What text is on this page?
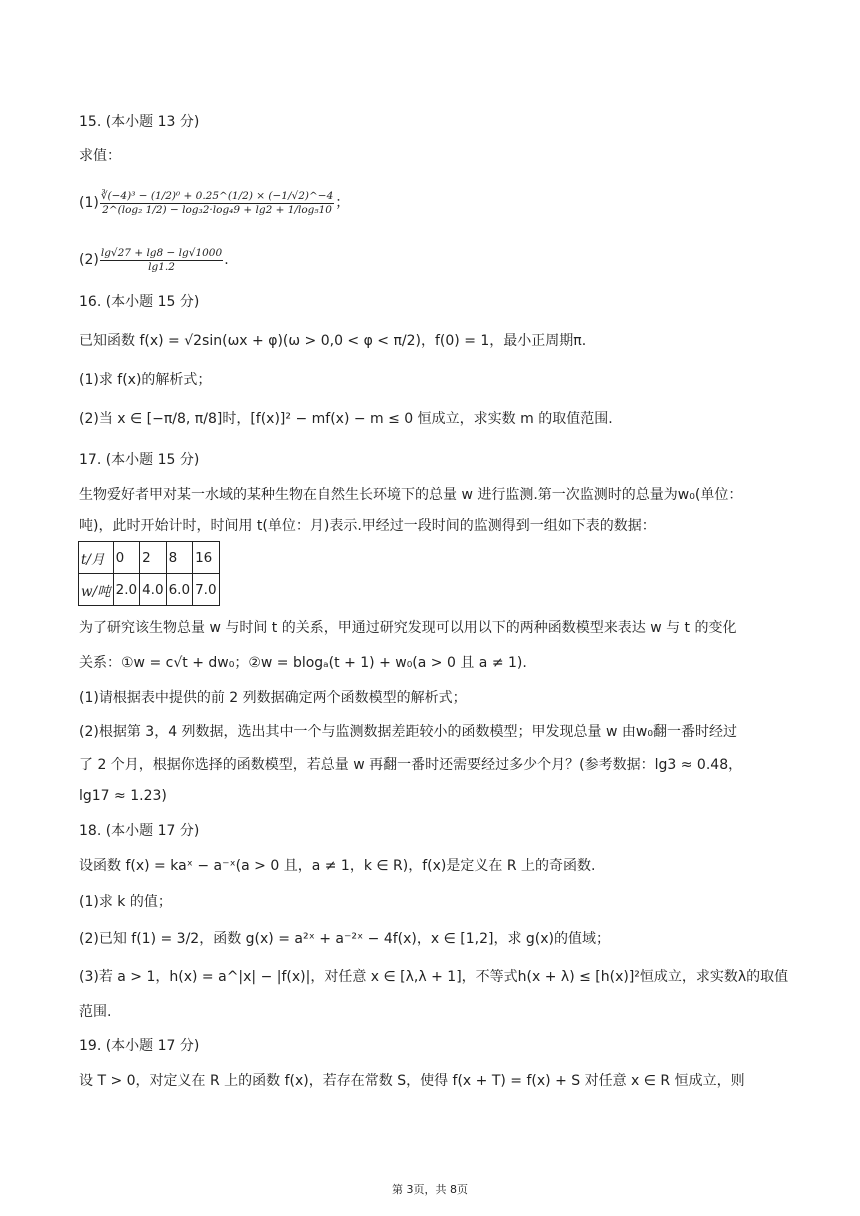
15. (本小题 13 分)
求值：
$(1) \frac{\text{∛(−4)³ − (1/2)⁰ + 0.25\textasciicircum{}(1/2) × (−1/√2)\textasciicircum{}−4}}{\text{2\textasciicircum{}(log₂ 1/2) − log₃2·log₄9 + lg2 + 1/log₅10}}$ ；
$(2) \frac{\lg√27 + \lg 8 - \lg√1000}{\lg 1.2}$ .
16. (本小题 15 分)
已知函数 f(x) = √2sin(ωx + φ)(ω > 0,0 < φ < π/2)，f(0) = 1，最小正周期π.
(1)求 f(x)的解析式；
(2)当 x ∈ [−π/8, π/8]时，[f(x)]² − mf(x) − m ≤ 0 恒成立，求实数 m 的取值范围.
17. (本小题 15 分)
生物爱好者甲对某一水域的某种生物在自然生长环境下的总量 w 进行监测.第一次监测时的总量为w₀(单位：
吨)，此时开始计时，时间用 t(单位：月)表示.甲经过一段时间的监测得到一组如下表的数据：
t/月	0	2	8	16
w/吨	2.0	4.0	6.0	7.0
为了研究该生物总量 w 与时间 t 的关系，甲通过研究发现可以用以下的两种函数模型来表达 w 与 t 的变化
关系：①w = c√t + dw₀；②w = blogₐ(t + 1) + w₀(a > 0 且 a ≠ 1).
(1)请根据表中提供的前 2 列数据确定两个函数模型的解析式；
(2)根据第 3，4 列数据，选出其中一个与监测数据差距较小的函数模型；甲发现总量 w 由w₀翻一番时经过
了 2 个月，根据你选择的函数模型，若总量 w 再翻一番时还需要经过多少个月？(参考数据：lg3 ≈ 0.48，
lg17 ≈ 1.23)
18. (本小题 17 分)
设函数 f(x) = kaˣ − a⁻ˣ(a > 0 且，a ≠ 1，k ∈ R)，f(x)是定义在 R 上的奇函数.
(1)求 k 的值；
(2)已知 f(1) = 3/2，函数 g(x) = a²ˣ + a⁻²ˣ − 4f(x)，x ∈ [1,2]，求 g(x)的值域；
(3)若 a > 1，h(x) = a^|x| − |f(x)|，对任意 x ∈ [λ,λ + 1]，不等式h(x + λ) ≤ [h(x)]²恒成立，求实数λ的取值
范围.
19. (本小题 17 分)
设 T > 0，对定义在 R 上的函数 f(x)，若存在常数 S，使得 f(x + T) = f(x) + S 对任意 x ∈ R 恒成立，则
第 3页，共 8页
